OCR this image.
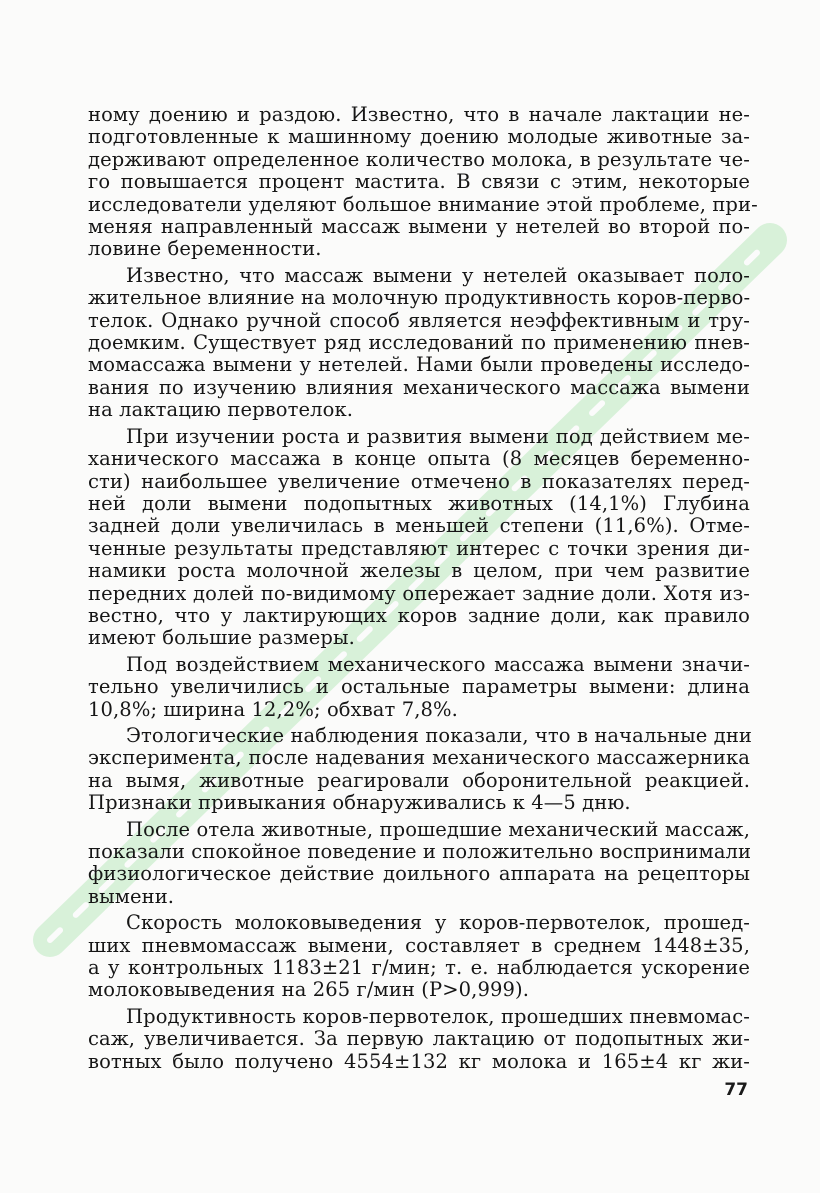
ному доению и раздою. Известно, что в начале лактации не-
подготовленные к машинному доению молодые животные за-
держивают определенное количество молока, в результате че-
го повышается процент мастита. В связи с этим, некоторые
исследователи уделяют большое внимание этой проблеме, при-
меняя направленный массаж вымени у нетелей во второй по-
ловине беременности.
Известно, что массаж вымени у нетелей оказывает поло-
жительное влияние на молочную продуктивность коров-перво-
телок. Однако ручной способ является неэффективным и тру-
доемким. Существует ряд исследований по применению пнев-
момассажа вымени у нетелей. Нами были проведены исследо-
вания по изучению влияния механического массажа вымени
на лактацию первотелок.
При изучении роста и развития вымени под действием ме-
ханического массажа в конце опыта (8 месяцев беременно-
сти) наибольшее увеличение отмечено в показателях перед-
ней доли вымени подопытных животных (14,1%) Глубина
задней доли увеличилась в меньшей степени (11,6%). Отме-
ченные результаты представляют интерес с точки зрения ди-
намики роста молочной железы в целом, при чем развитие
передних долей по-видимому опережает задние доли. Хотя из-
вестно, что у лактирующих коров задние доли, как правило
имеют большие размеры.
Под воздействием механического массажа вымени значи-
тельно увеличились и остальные параметры вымени: длина
10,8%; ширина 12,2%; обхват 7,8%.
Этологические наблюдения показали, что в начальные дни
эксперимента, после надевания механического массажерника
на вымя, животные реагировали оборонительной реакцией.
Признаки привыкания обнаруживались к 4—5 дню.
После отела животные, прошедшие механический массаж,
показали спокойное поведение и положительно воспринимали
физиологическое действие доильного аппарата на рецепторы
вымени.
Скорость молоковыведения у коров-первотелок, прошед-
ших пневмомассаж вымени, составляет в среднем 1448±35,
а у контрольных 1183±21 г/мин; т. е. наблюдается ускорение
молоковыведения на 265 г/мин (Р>0,999).
Продуктивность коров-первотелок, прошедших пневмомас-
саж, увеличивается. За первую лактацию от подопытных жи-
вотных было получено 4554±132 кг молока и 165±4 кг жи-
77
